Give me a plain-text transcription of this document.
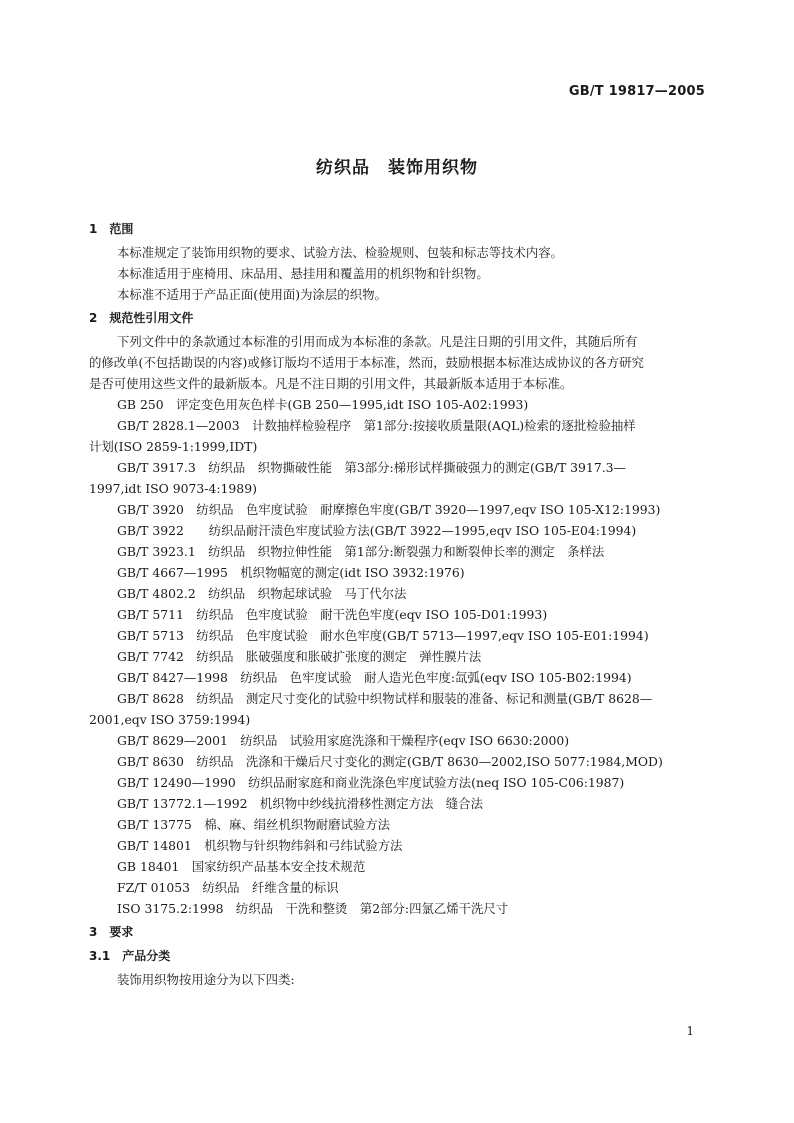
GB/T 19817—2005
纺织品　装饰用织物
1　范围
本标准规定了装饰用织物的要求、试验方法、检验规则、包装和标志等技术内容。
本标准适用于座椅用、床品用、悬挂用和覆盖用的机织物和针织物。
本标准不适用于产品正面(使用面)为涂层的织物。
2　规范性引用文件
下列文件中的条款通过本标准的引用而成为本标准的条款。凡是注日期的引用文件，其随后所有
的修改单(不包括勘误的内容)或修订版均不适用于本标准，然而，鼓励根据本标准达成协议的各方研究
是否可使用这些文件的最新版本。凡是不注日期的引用文件，其最新版本适用于本标准。
GB 250　评定变色用灰色样卡(GB 250—1995,idt ISO 105-A02:1993)
GB/T 2828.1—2003　计数抽样检验程序　第1部分:按接收质量限(AQL)检索的逐批检验抽样
计划(ISO 2859-1:1999,IDT)
GB/T 3917.3　纺织品　织物撕破性能　第3部分:梯形试样撕破强力的测定(GB/T 3917.3—
1997,idt ISO 9073-4:1989)
GB/T 3920　纺织品　色牢度试验　耐摩擦色牢度(GB/T 3920—1997,eqv ISO 105-X12:1993)
GB/T 3922　　纺织品耐汗渍色牢度试验方法(GB/T 3922—1995,eqv ISO 105-E04:1994)
GB/T 3923.1　纺织品　织物拉伸性能　第1部分:断裂强力和断裂伸长率的测定　条样法
GB/T 4667—1995　机织物幅宽的测定(idt ISO 3932:1976)
GB/T 4802.2　纺织品　织物起球试验　马丁代尔法
GB/T 5711　纺织品　色牢度试验　耐干洗色牢度(eqv ISO 105-D01:1993)
GB/T 5713　纺织品　色牢度试验　耐水色牢度(GB/T 5713—1997,eqv ISO 105-E01:1994)
GB/T 7742　纺织品　胀破强度和胀破扩张度的测定　弹性膜片法
GB/T 8427—1998　纺织品　色牢度试验　耐人造光色牢度:氙弧(eqv ISO 105-B02:1994)
GB/T 8628　纺织品　测定尺寸变化的试验中织物试样和服装的准备、标记和测量(GB/T 8628—
2001,eqv ISO 3759:1994)
GB/T 8629—2001　纺织品　试验用家庭洗涤和干燥程序(eqv ISO 6630:2000)
GB/T 8630　纺织品　洗涤和干燥后尺寸变化的测定(GB/T 8630—2002,ISO 5077:1984,MOD)
GB/T 12490—1990　纺织品耐家庭和商业洗涤色牢度试验方法(neq ISO 105-C06:1987)
GB/T 13772.1—1992　机织物中纱线抗滑移性测定方法　缝合法
GB/T 13775　棉、麻、绢丝机织物耐磨试验方法
GB/T 14801　机织物与针织物纬斜和弓纬试验方法
GB 18401　国家纺织产品基本安全技术规范
FZ/T 01053　纺织品　纤维含量的标识
ISO 3175.2:1998　纺织品　干洗和整烫　第2部分:四氯乙烯干洗尺寸
3　要求
3.1　产品分类
装饰用织物按用途分为以下四类:
1
